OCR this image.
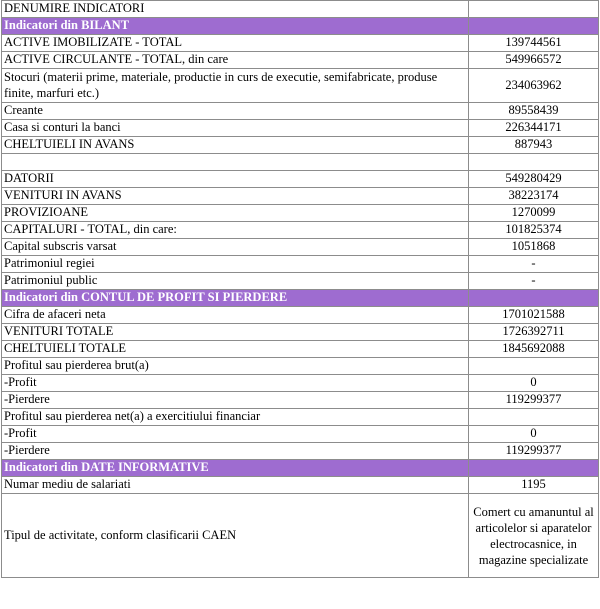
DENUMIRE INDICATORI	
Indicatori din BILANT	
ACTIVE IMOBILIZATE - TOTAL	139744561
ACTIVE CIRCULANTE - TOTAL, din care	549966572
Stocuri (materii prime, materiale, productie in curs de executie, semifabricate, produse finite, marfuri etc.)	234063962
Creante	89558439
Casa si conturi la banci	226344171
CHELTUIELI IN AVANS	887943

DATORII	549280429
VENITURI IN AVANS	38223174
PROVIZIOANE	1270099
CAPITALURI - TOTAL, din care:	101825374
Capital subscris varsat	1051868
Patrimoniul regiei	-
Patrimoniul public	-
Indicatori din CONTUL DE PROFIT SI PIERDERE	
Cifra de afaceri neta	1701021588
VENITURI TOTALE	1726392711
CHELTUIELI TOTALE	1845692088
Profitul sau pierderea brut(a)	
-Profit	0
-Pierdere	119299377
Profitul sau pierderea net(a) a exercitiului financiar	
-Profit	0
-Pierdere	119299377
Indicatori din DATE INFORMATIVE	
Numar mediu de salariati	1195
Tipul de activitate, conform clasificarii CAEN	Comert cu amanuntul al articolelor si aparatelor electrocasnice, in magazine specializate
